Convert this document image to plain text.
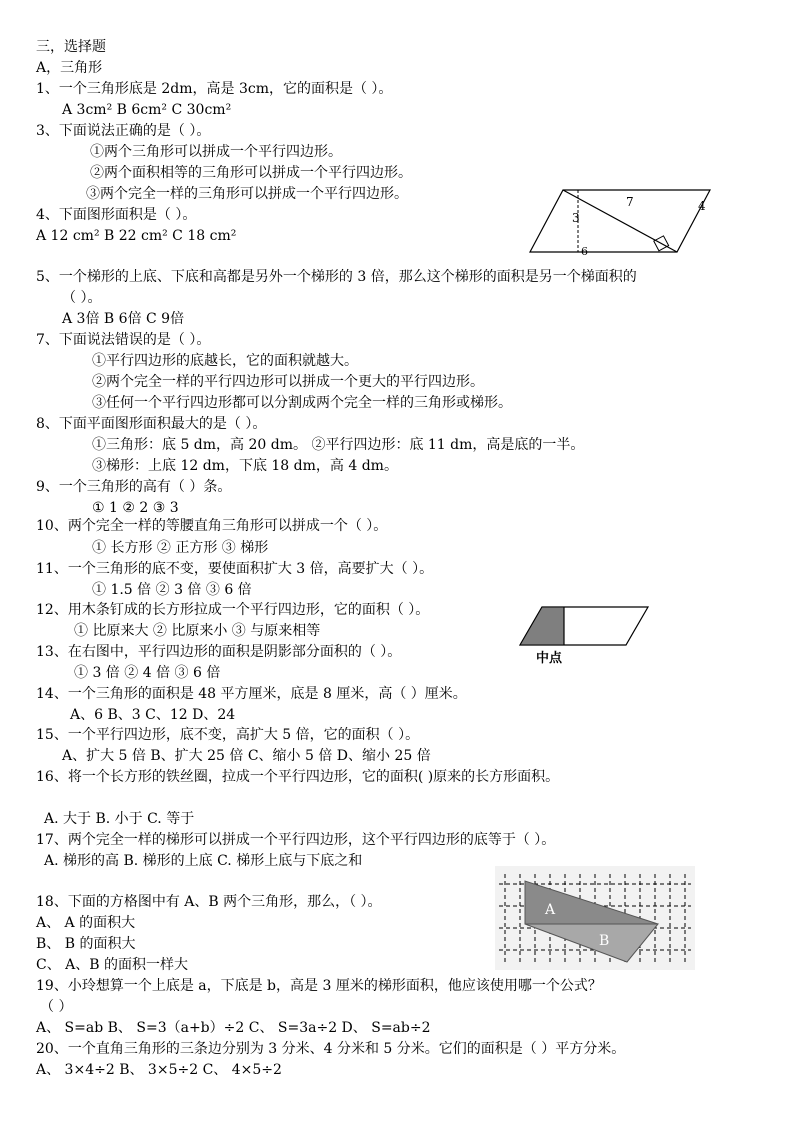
三，选择题
A，三角形
1、一个三角形底是 2dm，高是 3cm，它的面积是（ ）。
A 3cm² B 6cm² C 30cm²
3、下面说法正确的是（ ）。
①两个三角形可以拼成一个平行四边形。
②两个面积相等的三角形可以拼成一个平行四边形。
③两个完全一样的三角形可以拼成一个平行四边形。
4、下面图形面积是（ ）。
A 12 cm² B 22 cm² C 18 cm²
5、一个梯形的上底、下底和高都是另外一个梯形的 3 倍，那么这个梯形的面积是另一个梯面积的
（ ）。
A 3倍 B 6倍 C 9倍
7、下面说法错误的是（ ）。
①平行四边形的底越长，它的面积就越大。
②两个完全一样的平行四边形可以拼成一个更大的平行四边形。
③任何一个平行四边形都可以分割成两个完全一样的三角形或梯形。
8、下面平面图形面积最大的是（ ）。
①三角形：底 5 dm，高 20 dm。 ②平行四边形：底 11 dm，高是底的一半。
③梯形：上底 12 dm，下底 18 dm，高 4 dm。
9、一个三角形的高有（ ）条。
① 1 ② 2 ③ 3
10、两个完全一样的等腰直角三角形可以拼成一个（ ）。
① 长方形 ② 正方形 ③ 梯形
11、一个三角形的底不变，要使面积扩大 3 倍，高要扩大（ ）。
① 1.5 倍 ② 3 倍 ③ 6 倍
12、用木条钉成的长方形拉成一个平行四边形，它的面积（ ）。
① 比原来大 ② 比原来小 ③ 与原来相等
13、在右图中，平行四边形的面积是阴影部分面积的（ ）。
① 3 倍 ② 4 倍 ③ 6 倍
14、一个三角形的面积是 48 平方厘米，底是 8 厘米，高（ ）厘米。
A、6 B、3 C、12 D、24
15、一个平行四边形，底不变，高扩大 5 倍，它的面积（ ）。
A、扩大 5 倍 B、扩大 25 倍 C、缩小 5 倍 D、缩小 25 倍
16、将一个长方形的铁丝圈，拉成一个平行四边形，它的面积( )原来的长方形面积。
A. 大于 B. 小于 C. 等于
17、两个完全一样的梯形可以拼成一个平行四边形，这个平行四边形的底等于（ ）。
A. 梯形的高 B. 梯形的上底 C. 梯形上底与下底之和
18、下面的方格图中有 A、B 两个三角形，那么，（ ）。
A、 A 的面积大
B、 B 的面积大
C、 A、B 的面积一样大
19、小玲想算一个上底是 a，下底是 b，高是 3 厘米的梯形面积，他应该使用哪一个公式？
（ ）
A、 S=ab B、 S=3（a+b）÷2 C、 S=3a÷2 D、 S=ab÷2
20、一个直角三角形的三条边分别为 3 分米、4 分米和 5 分米。它们的面积是（ ）平方分米。
A、 3×4÷2 B、 3×5÷2 C、 4×5÷2
7	4
3
6
中点
A
B
